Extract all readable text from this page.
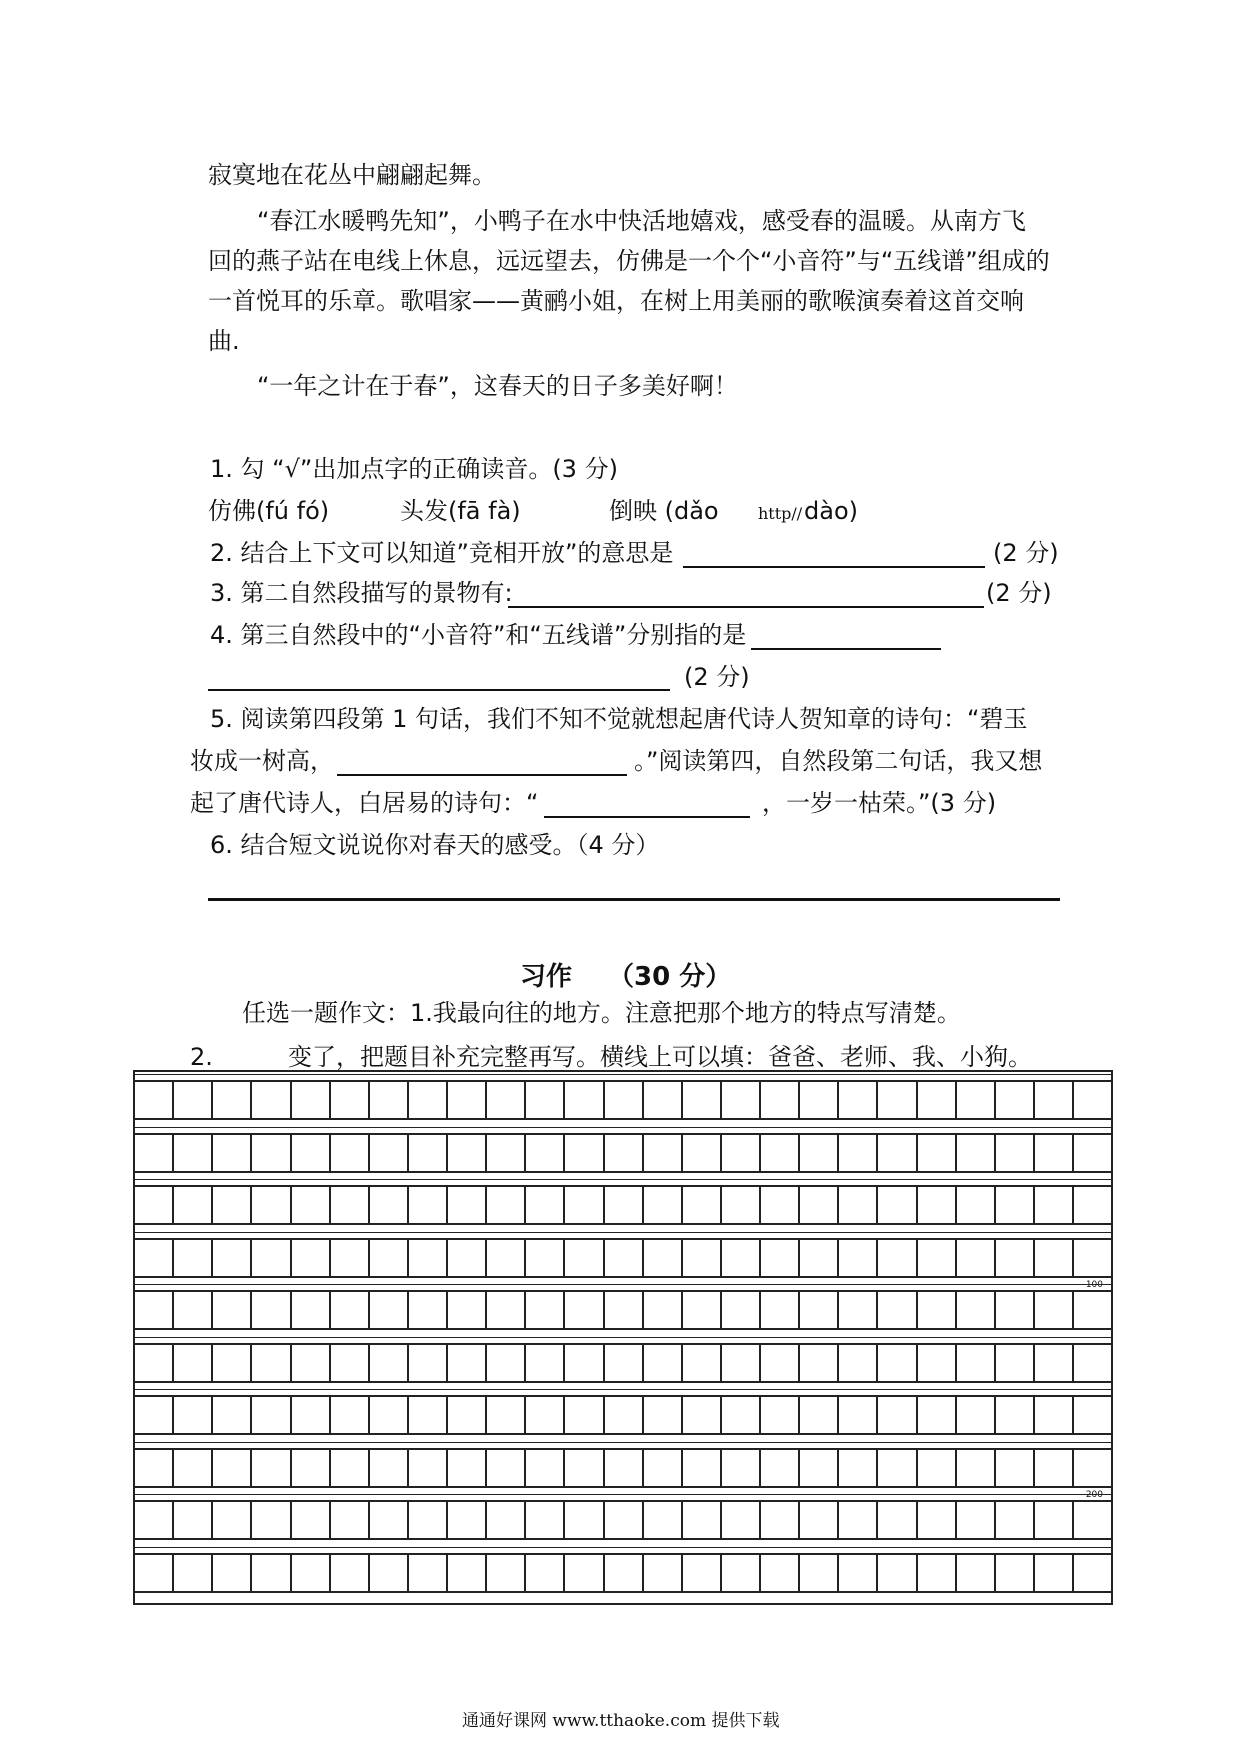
寂寞地在花丛中翩翩起舞。
“春江水暖鸭先知”，小鸭子在水中快活地嬉戏，感受春的温暖。从南方飞
回的燕子站在电线上休息，远远望去，仿佛是一个个“小音符”与“五线谱”组成的
一首悦耳的乐章。歌唱家——黄鹂小姐，在树上用美丽的歌喉演奏着这首交响
曲.
“一年之计在于春”，这春天的日子多美好啊！
1. 勾 “√”出加点字的正确读音。(3 分)
仿佛(fú fó)	头发(fā fà)	倒映 (dǎo http// dào)
2. 结合上下文可以知道”竞相开放”的意思是	(2 分)
3. 第二自然段描写的景物有:	(2 分)
4. 第三自然段中的“小音符”和“五线谱”分别指的是
(2 分)
5. 阅读第四段第 1 句话，我们不知不觉就想起唐代诗人贺知章的诗句：“碧玉
妆成一树高，	。”阅读第四，自然段第二句话，我又想
起了唐代诗人，白居易的诗句：“	，一岁一枯荣。”(3 分)
6. 结合短文说说你对春天的感受。（4 分）
习作 （30 分）
任选一题作文：1.我最向往的地方。注意把那个地方的特点写清楚。
2.	变了，把题目补充完整再写。横线上可以填：爸爸、老师、我、小狗。
100
200
通通好课网 www.tthaoke.com 提供下载
